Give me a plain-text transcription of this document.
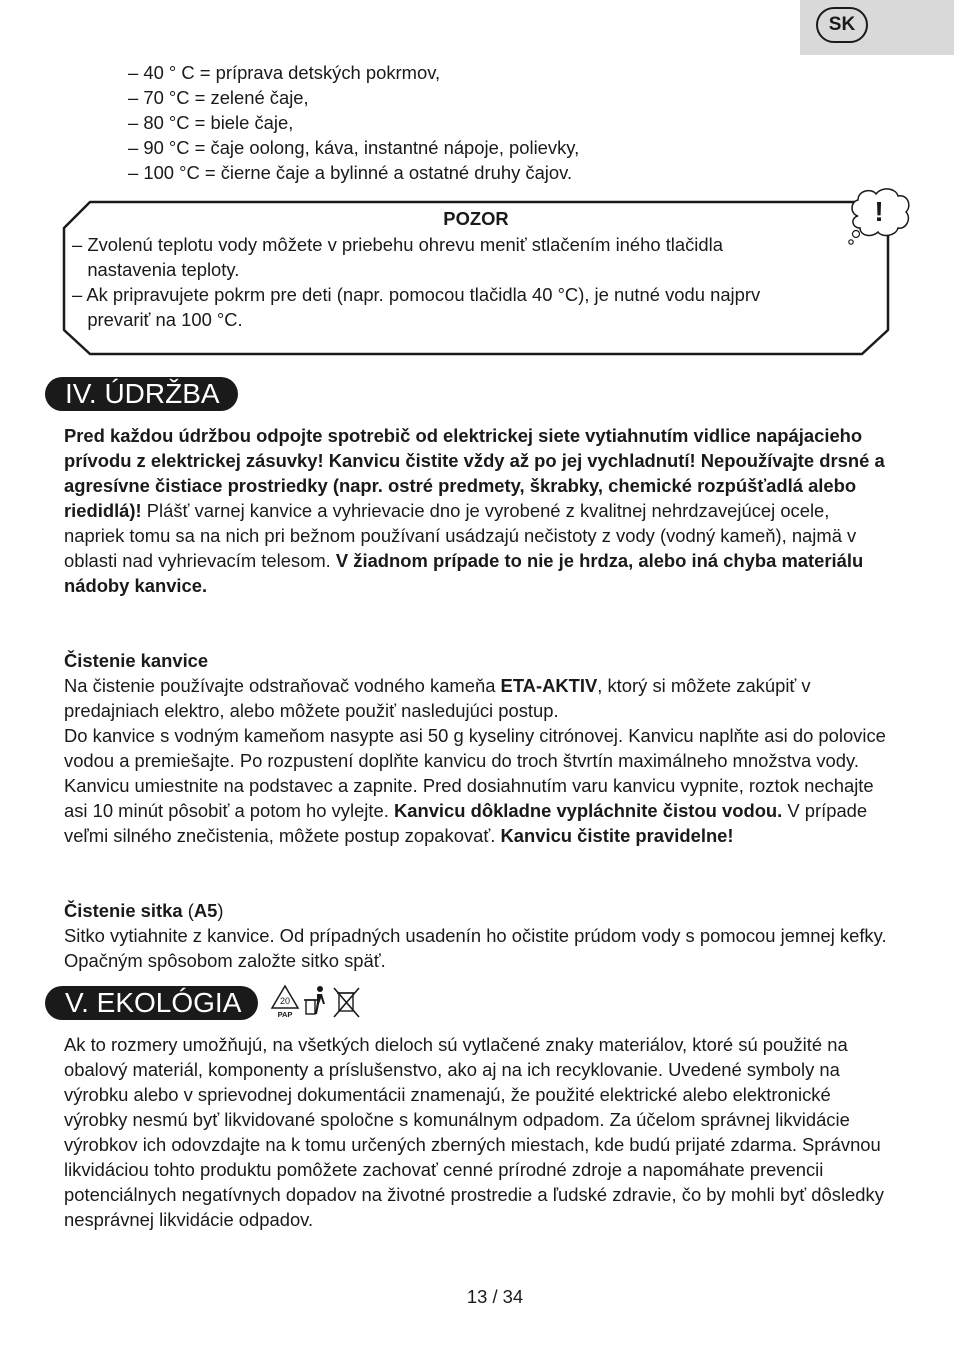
SK
– 40 ° C = príprava detských pokrmov,
– 70 °C = zelené čaje,
– 80 °C = biele čaje,
– 90 °C = čaje oolong, káva, instantné nápoje, polievky,
– 100 °C = čierne čaje a bylinné a ostatné druhy čajov.
POZOR
– Zvolenú teplotu vody môžete v priebehu ohrevu meniť stlačením iného tlačidla
nastavenia teploty.
– Ak pripravujete pokrm pre deti (napr. pomocou tlačidla 40 °C), je nutné vodu najprv
prevariť na 100 °C.
!
IV. ÚDRŽBA
Pred každou údržbou odpojte spotrebič od elektrickej siete vytiahnutím vidlice napájacieho prívodu z elektrickej zásuvky! Kanvicu čistite vždy až po jej vychladnutí! Nepoužívajte drsné a agresívne čistiace prostriedky (napr. ostré predmety, škrabky, chemické rozpúšťadlá alebo riedidlá)! Plášť varnej kanvice a vyhrievacie dno je vyrobené z kvalitnej nehrdzavejúcej ocele, napriek tomu sa na nich pri bežnom používaní usádzajú nečistoty z vody (vodný kameň), najmä v oblasti nad vyhrievacím telesom. V žiadnom prípade to nie je hrdza, alebo iná chyba materiálu nádoby kanvice.
Čistenie kanvice
Na čistenie používajte odstraňovač vodného kameňa ETA-AKTIV, ktorý si môžete zakúpiť v predajniach elektro, alebo môžete použiť nasledujúci postup.
Do kanvice s vodným kameňom nasypte asi 50 g kyseliny citrónovej. Kanvicu naplňte asi do polovice vodou a premiešajte. Po rozpustení doplňte kanvicu do troch štvrtín maximálneho množstva vody. Kanvicu umiestnite na podstavec a zapnite. Pred dosiahnutím varu kanvicu vypnite, roztok nechajte asi 10 minút pôsobiť a potom ho vylejte. Kanvicu dôkladne vypláchnite čistou vodou. V prípade veľmi silného znečistenia, môžete postup zopakovať. Kanvicu čistite pravidelne!
Čistenie sitka (A5)
Sitko vytiahnite z kanvice. Od prípadných usadenín ho očistite prúdom vody s pomocou jemnej kefky. Opačným spôsobom založte sitko späť.
V. EKOLÓGIA	20
PAP
Ak to rozmery umožňujú, na všetkých dieloch sú vytlačené znaky materiálov, ktoré sú použité na obalový materiál, komponenty a príslušenstvo, ako aj na ich recyklovanie. Uvedené symboly na výrobku alebo v sprievodnej dokumentácii znamenajú, že použité elektrické alebo elektronické výrobky nesmú byť likvidované spoločne s komunálnym odpadom. Za účelom správnej likvidácie výrobkov ich odovzdajte na k tomu určených zberných miestach, kde budú prijaté zdarma. Správnou likvidáciou tohto produktu pomôžete zachovať cenné prírodné zdroje a napomáhate prevencii potenciálnych negatívnych dopadov na životné prostredie a ľudské zdravie, čo by mohli byť dôsledky nesprávnej likvidácie odpadov.
13 / 34
